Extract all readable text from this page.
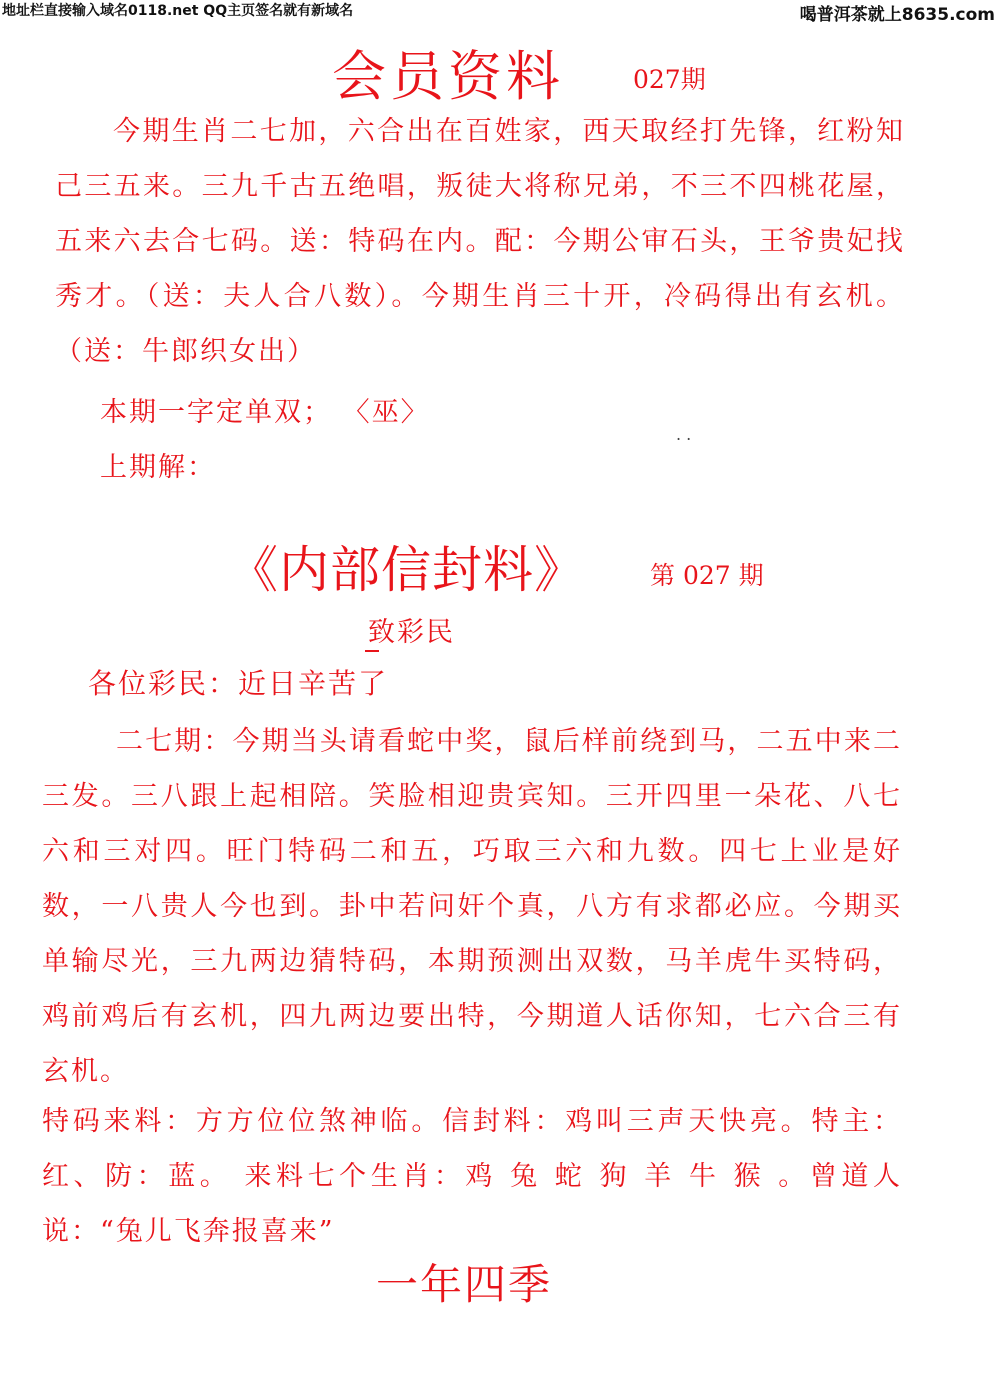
地址栏直接输入域名0118.net QQ主页签名就有新域名	喝普洱茶就上8635.com
会员资料	027期
今期生肖二七加，六合出在百姓家，西天取经打先锋，红粉知己三五来。三九千古五绝唱，叛徒大将称兄弟，不三不四桃花屋，五来六去合七码。送：特码在内。配：今期公审石头，王爷贵妃找秀才。（送：夫人合八数）。今期生肖三十开，冷码得出有玄机。（送：牛郎织女出）
本期一字定单双； 〈巫〉
. .
上期解：
《内部信封料》	第 027 期
致彩民
各位彩民：近日辛苦了
二七期：今期当头请看蛇中奖，鼠后样前绕到马，二五中来二三发。三八跟上起相陪。笑脸相迎贵宾知。三开四里一朵花、八七六和三对四。旺门特码二和五，巧取三六和九数。四七上业是好数，一八贵人今也到。卦中若问奸个真，八方有求都必应。今期买单输尽光，三九两边猜特码，本期预测出双数，马羊虎牛买特码，鸡前鸡后有玄机，四九两边要出特，今期道人话你知，七六合三有玄机。
特码来料：方方位位煞神临。信封料：鸡叫三声天快亮。特主：红、防：蓝。 来料七个生肖：鸡 兔 蛇 狗 羊 牛 猴 。曾道人说：“兔儿飞奔报喜来”
一年四季
